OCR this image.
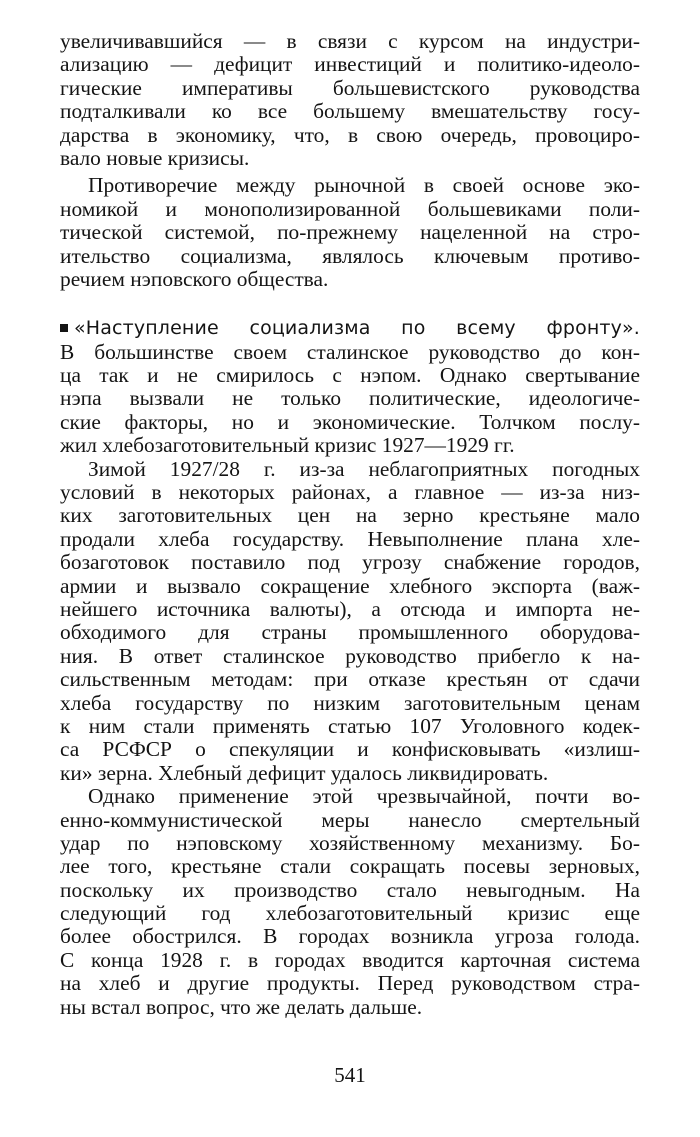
увеличивавшийся — в связи с курсом на индустри-
ализацию — дефицит инвестиций и политико-идеоло-
гические императивы большевистского руководства
подталкивали ко все большему вмешательству госу-
дарства в экономику, что, в свою очередь, провоциро-
вало новые кризисы.
Противоречие между рыночной в своей основе эко-
номикой и монополизированной большевиками поли-
тической системой, по-прежнему нацеленной на стро-
ительство социализма, являлось ключевым противо-
речием нэповского общества.
«Наступление социализма по всему фронту».
В большинстве своем сталинское руководство до кон-
ца так и не смирилось с нэпом. Однако свертывание
нэпа вызвали не только политические, идеологиче-
ские факторы, но и экономические. Толчком послу-
жил хлебозаготовительный кризис 1927—1929 гг.
Зимой 1927/28 г. из-за неблагоприятных погодных
условий в некоторых районах, а главное — из-за низ-
ких заготовительных цен на зерно крестьяне мало
продали хлеба государству. Невыполнение плана хле-
бозаготовок поставило под угрозу снабжение городов,
армии и вызвало сокращение хлебного экспорта (важ-
нейшего источника валюты), а отсюда и импорта не-
обходимого для страны промышленного оборудова-
ния. В ответ сталинское руководство прибегло к на-
сильственным методам: при отказе крестьян от сдачи
хлеба государству по низким заготовительным ценам
к ним стали применять статью 107 Уголовного кодек-
са РСФСР о спекуляции и конфисковывать «излиш-
ки» зерна. Хлебный дефицит удалось ликвидировать.
Однако применение этой чрезвычайной, почти во-
енно-коммунистической меры нанесло смертельный
удар по нэповскому хозяйственному механизму. Бо-
лее того, крестьяне стали сокращать посевы зерновых,
поскольку их производство стало невыгодным. На
следующий год хлебозаготовительный кризис еще
более обострился. В городах возникла угроза голода.
С конца 1928 г. в городах вводится карточная система
на хлеб и другие продукты. Перед руководством стра-
ны встал вопрос, что же делать дальше.
541
